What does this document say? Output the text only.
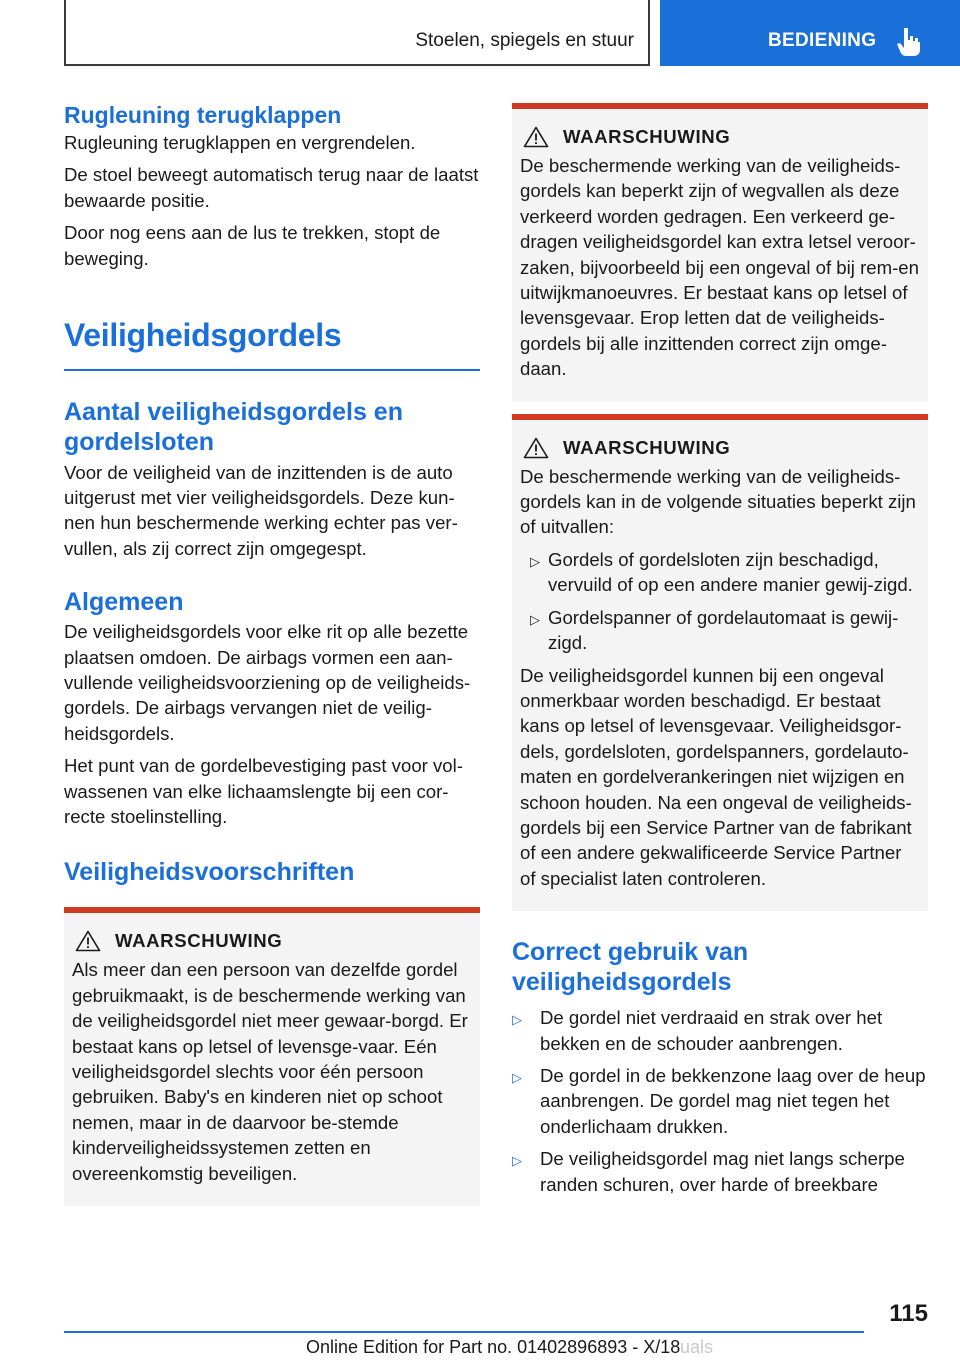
Stoelen, spiegels en stuur	BEDIENING
Rugleuning terugklappen

Rugleuning terugklappen en vergrendelen.

De stoel beweegt automatisch terug naar de laatst bewaarde positie.

Door nog eens aan de lus te trekken, stopt de beweging.

Veiligheidsgordels
Aantal veiligheidsgordels en gordelsloten

Voor de veiligheid van de inzittenden is de auto uitgerust met vier veiligheidsgordels. Deze kun-nen hun beschermende werking echter pas ver-vullen, als zij correct zijn omgegespt.

Algemeen

De veiligheidsgordels voor elke rit op alle bezette plaatsen omdoen. De airbags vormen een aan-vullende veiligheidsvoorziening op de veiligheids-gordels. De airbags vervangen niet de veilig-heidsgordels.

Het punt van de gordelbevestiging past voor vol-wassenen van elke lichaamslengte bij een cor-recte stoelinstelling.

Veiligheidsvoorschriften
WAARSCHUWING

Als meer dan een persoon van dezelfde gordel gebruikmaakt, is de beschermende werking van de veiligheidsgordel niet meer gewaar-borgd. Er bestaat kans op letsel of levensge-vaar. Eén veiligheidsgordel slechts voor één persoon gebruiken. Baby's en kinderen niet op schoot nemen, maar in de daarvoor be-stemde kinderveiligheidssystemen zetten en overeenkomstig beveiligen.

WAARSCHUWING

De beschermende werking van de veiligheids-gordels kan beperkt zijn of wegvallen als deze verkeerd worden gedragen. Een verkeerd ge-dragen veiligheidsgordel kan extra letsel veroor-zaken, bijvoorbeeld bij een ongeval of bij rem-en uitwijkmanoeuvres. Er bestaat kans op letsel of levensgevaar. Erop letten dat de veiligheids-gordels bij alle inzittenden correct zijn omge-daan.

WAARSCHUWING

De beschermende werking van de veiligheids-gordels kan in de volgende situaties beperkt zijn of uitvallen:

▷ Gordels of gordelsloten zijn beschadigd, vervuild of op een andere manier gewij-zigd.
▷ Gordelspanner of gordelautomaat is gewij-zigd.

De veiligheidsgordel kunnen bij een ongeval onmerkbaar worden beschadigd. Er bestaat kans op letsel of levensgevaar. Veiligheidsgor-dels, gordelsloten, gordelspanners, gordelauto-maten en gordelverankeringen niet wijzigen en schoon houden. Na een ongeval de veiligheids-gordels bij een Service Partner van de fabrikant of een andere gekwalificeerde Service Partner of specialist laten controleren.

Correct gebruik van veiligheidsgordels
▷ De gordel niet verdraaid en strak over het bekken en de schouder aanbrengen.
▷ De gordel in de bekkenzone laag over de heup aanbrengen. De gordel mag niet tegen het onderlichaam drukken.
▷ De veiligheidsgordel mag niet langs scherpe randen schuren, over harde of breekbare
115
Online Edition for Part no. 01402896893 - X/18 uals
